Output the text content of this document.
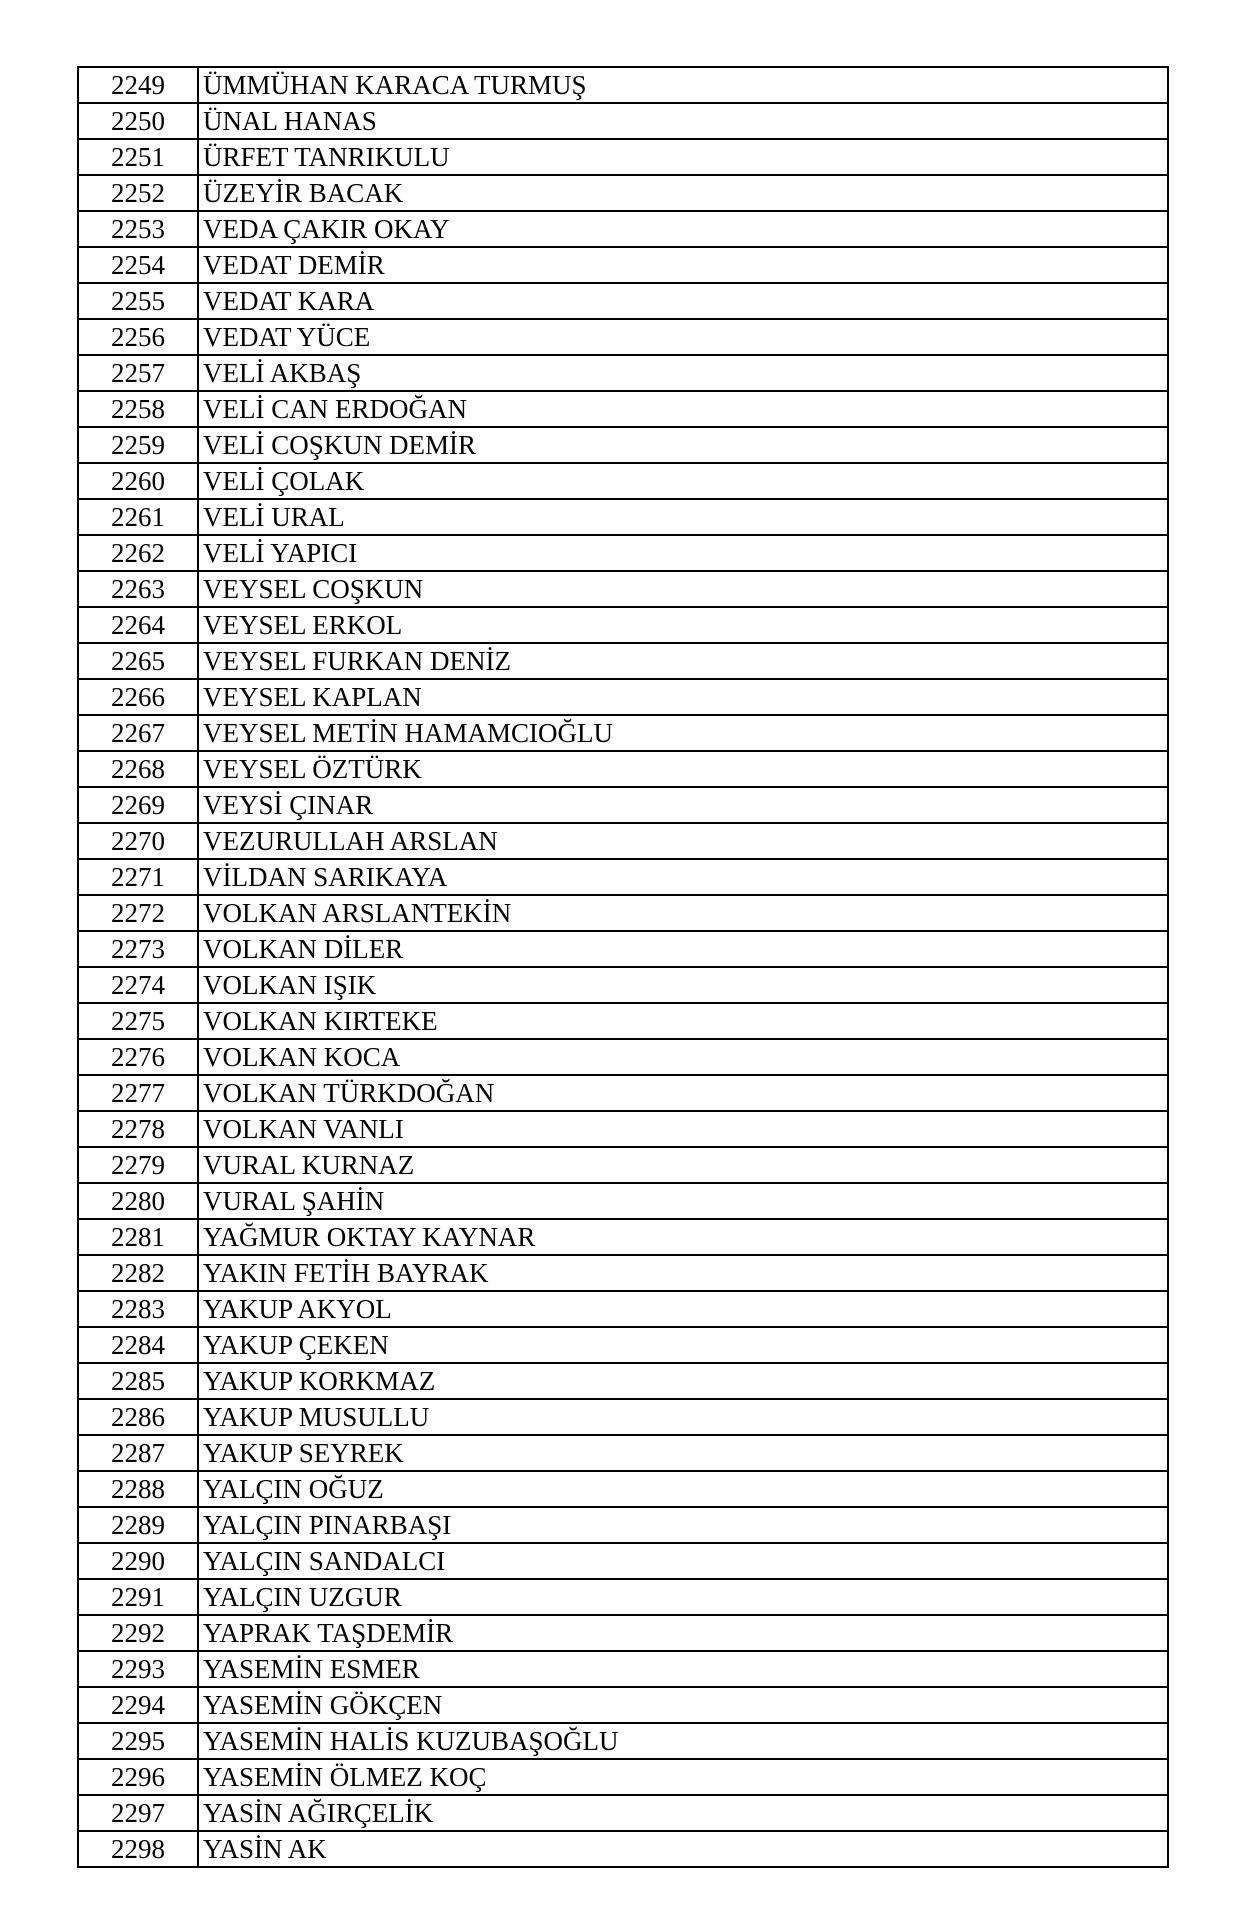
2249	ÜMMÜHAN KARACA TURMUŞ
2250	ÜNAL HANAS
2251	ÜRFET TANRIKULU
2252	ÜZEYİR BACAK
2253	VEDA ÇAKIR OKAY
2254	VEDAT DEMİR
2255	VEDAT KARA
2256	VEDAT YÜCE
2257	VELİ AKBAŞ
2258	VELİ CAN ERDOĞAN
2259	VELİ COŞKUN DEMİR
2260	VELİ ÇOLAK
2261	VELİ URAL
2262	VELİ YAPICI
2263	VEYSEL COŞKUN
2264	VEYSEL ERKOL
2265	VEYSEL FURKAN DENİZ
2266	VEYSEL KAPLAN
2267	VEYSEL METİN HAMAMCIOĞLU
2268	VEYSEL ÖZTÜRK
2269	VEYSİ ÇINAR
2270	VEZURULLAH ARSLAN
2271	VİLDAN SARIKAYA
2272	VOLKAN ARSLANTEKİN
2273	VOLKAN DİLER
2274	VOLKAN IŞIK
2275	VOLKAN KIRTEKE
2276	VOLKAN KOCA
2277	VOLKAN TÜRKDOĞAN
2278	VOLKAN VANLI
2279	VURAL KURNAZ
2280	VURAL ŞAHİN
2281	YAĞMUR OKTAY KAYNAR
2282	YAKIN FETİH BAYRAK
2283	YAKUP AKYOL
2284	YAKUP ÇEKEN
2285	YAKUP KORKMAZ
2286	YAKUP MUSULLU
2287	YAKUP SEYREK
2288	YALÇIN OĞUZ
2289	YALÇIN PINARBAŞI
2290	YALÇIN SANDALCI
2291	YALÇIN UZGUR
2292	YAPRAK TAŞDEMİR
2293	YASEMİN ESMER
2294	YASEMİN GÖKÇEN
2295	YASEMİN HALİS KUZUBAŞOĞLU
2296	YASEMİN ÖLMEZ KOÇ
2297	YASİN AĞIRÇELİK
2298	YASİN AK
